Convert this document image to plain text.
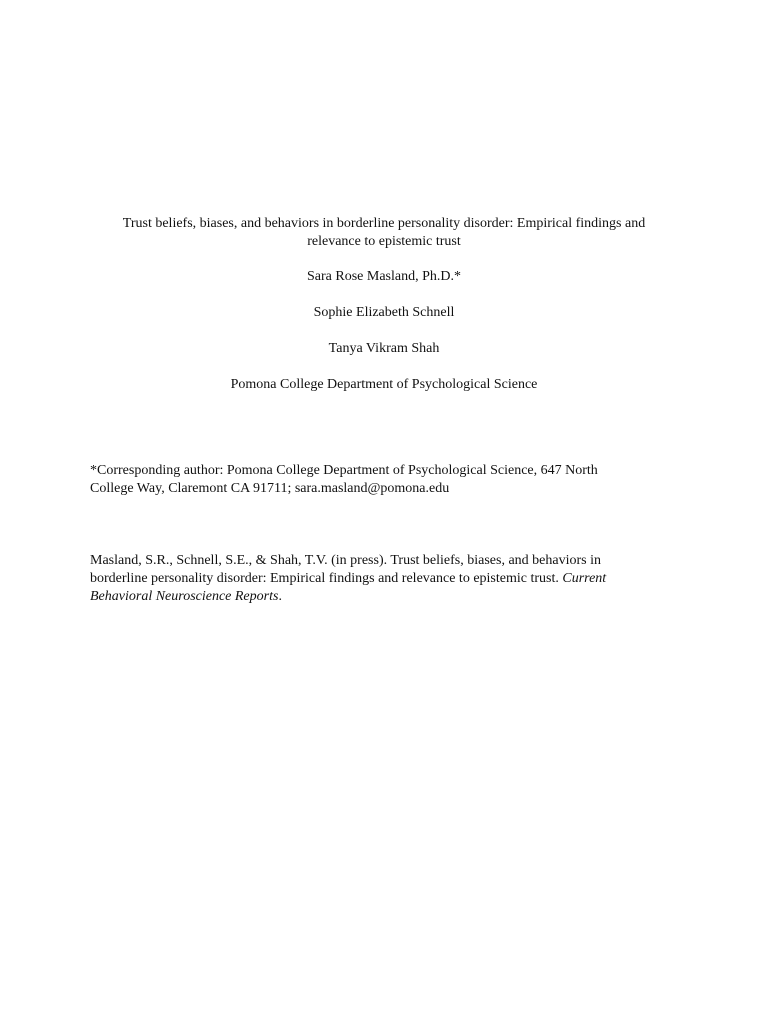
Trust beliefs, biases, and behaviors in borderline personality disorder: Empirical findings and
relevance to epistemic trust
Sara Rose Masland, Ph.D.*
Sophie Elizabeth Schnell
Tanya Vikram Shah
Pomona College Department of Psychological Science
*Corresponding author: Pomona College Department of Psychological Science, 647 North
College Way, Claremont CA 91711; sara.masland@pomona.edu
Masland, S.R., Schnell, S.E., & Shah, T.V. (in press). Trust beliefs, biases, and behaviors in
borderline personality disorder: Empirical findings and relevance to epistemic trust. Current
Behavioral Neuroscience Reports.
